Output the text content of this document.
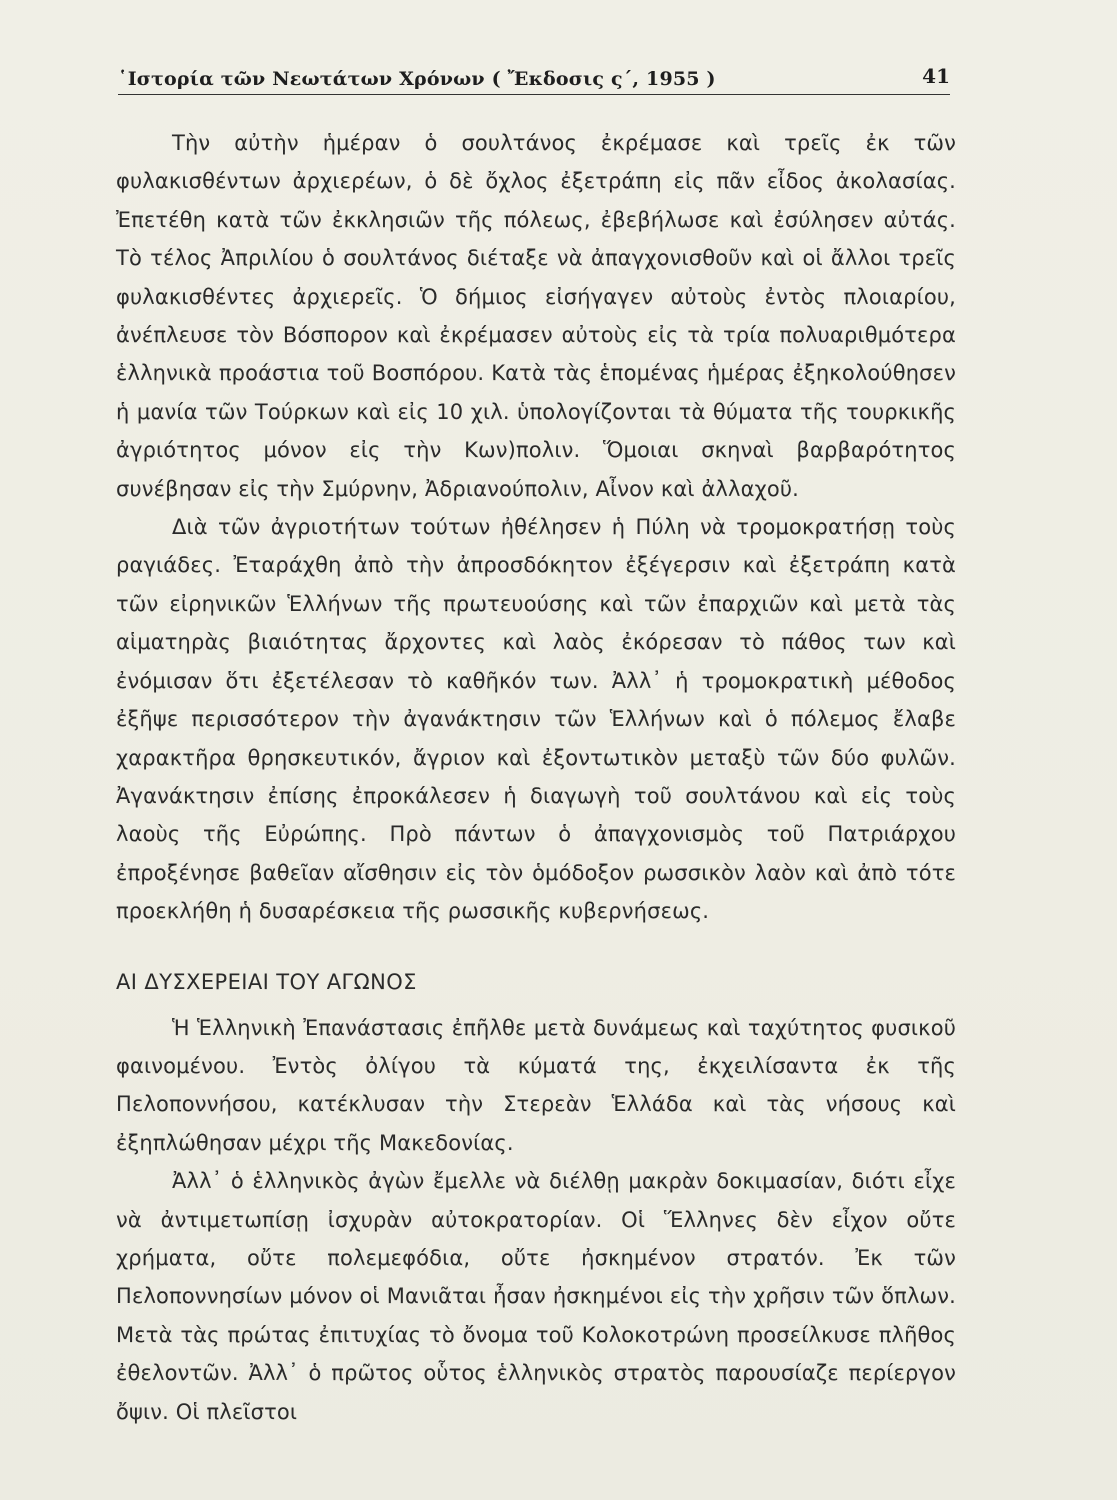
῾Ιστορία τῶν Νεωτάτων Χρόνων ( Ἔκδοσις ς΄, 1955 )	41

Τὴν αὐτὴν ἡμέραν ὁ σουλτάνος ἐκρέμασε καὶ τρεῖς ἐκ τῶν φυλακισθέντων ἀρχιερέων, ὁ δὲ ὄχλος ἐξετράπη εἰς πᾶν εἶδος ἀκολασίας. Ἐπετέθη κατὰ τῶν ἐκκλησιῶν τῆς πόλεως, ἐβεβήλωσε καὶ ἐσύλησεν αὐτάς. Τὸ τέλος Ἀπριλίου ὁ σουλτάνος διέταξε νὰ ἀπαγχονισθοῦν καὶ οἱ ἄλλοι τρεῖς φυλακισθέντες ἀρχιερεῖς. Ὁ δήμιος εἰσήγαγεν αὐτοὺς ἐντὸς πλοιαρίου, ἀνέπλευσε τὸν Βόσπορον καὶ ἐκρέμασεν αὐτοὺς εἰς τὰ τρία πολυαριθμότερα ἑλληνικὰ προάστια τοῦ Βοσπόρου. Κατὰ τὰς ἑπομένας ἡμέρας ἐξηκολούθησεν ἡ μανία τῶν Τούρκων καὶ εἰς 10 χιλ. ὑπολογίζονται τὰ θύματα τῆς τουρκικῆς ἀγριότητος μόνον εἰς τὴν Κων)πολιν. Ὅμοιαι σκηναὶ βαρβαρότητος συνέβησαν εἰς τὴν Σμύρνην, Ἀδριανούπολιν, Αἶνον καὶ ἀλλαχοῦ.

Διὰ τῶν ἀγριοτήτων τούτων ἠθέλησεν ἡ Πύλη νὰ τρομοκρατήσῃ τοὺς ραγιάδες. Ἐταράχθη ἀπὸ τὴν ἀπροσδόκητον ἐξέγερσιν καὶ ἐξετράπη κατὰ τῶν εἰρηνικῶν Ἑλλήνων τῆς πρωτευούσης καὶ τῶν ἐπαρχιῶν καὶ μετὰ τὰς αἱματηρὰς βιαιότητας ἄρχοντες καὶ λαὸς ἐκόρεσαν τὸ πάθος των καὶ ἐνόμισαν ὅτι ἐξετέλεσαν τὸ καθῆκόν των. Ἀλλ᾽ ἡ τρομοκρατικὴ μέθοδος ἐξῆψε περισσότερον τὴν ἀγανάκτησιν τῶν Ἑλλήνων καὶ ὁ πόλεμος ἔλαβε χαρακτῆρα θρησκευτικόν, ἄγριον καὶ ἐξοντωτικὸν μεταξὺ τῶν δύο φυλῶν. Ἀγανάκτησιν ἐπίσης ἐπροκάλεσεν ἡ διαγωγὴ τοῦ σουλτάνου καὶ εἰς τοὺς λαοὺς τῆς Εὐρώπης. Πρὸ πάντων ὁ ἀπαγχονισμὸς τοῦ Πατριάρχου ἐπροξένησε βαθεῖαν αἴσθησιν εἰς τὸν ὁμόδοξον ρωσσικὸν λαὸν καὶ ἀπὸ τότε προεκλήθη ἡ δυσαρέσκεια τῆς ρωσσικῆς κυβερνήσεως.

ΑΙ ΔΥΣΧΕΡΕΙΑΙ ΤΟΥ ΑΓΩΝΟΣ

Ἡ Ἑλληνικὴ Ἐπανάστασις ἐπῆλθε μετὰ δυνάμεως καὶ ταχύτητος φυσικοῦ φαινομένου. Ἐντὸς ὀλίγου τὰ κύματά της, ἐκχειλίσαντα ἐκ τῆς Πελοποννήσου, κατέκλυσαν τὴν Στερεὰν Ἑλλάδα καὶ τὰς νήσους καὶ ἐξηπλώθησαν μέχρι τῆς Μακεδονίας.

Ἀλλ᾽ ὁ ἑλληνικὸς ἀγὼν ἔμελλε νὰ διέλθῃ μακρὰν δοκιμασίαν, διότι εἶχε νὰ ἀντιμετωπίσῃ ἰσχυρὰν αὐτοκρατορίαν. Οἱ Ἕλληνες δὲν εἶχον οὔτε χρήματα, οὔτε πολεμεφόδια, οὔτε ἠσκημένον στρατόν. Ἐκ τῶν Πελοποννησίων μόνον οἱ Μανιᾶται ἦσαν ἠσκημένοι εἰς τὴν χρῆσιν τῶν ὅπλων. Μετὰ τὰς πρώτας ἐπιτυχίας τὸ ὄνομα τοῦ Κολοκοτρώνη προσείλκυσε πλῆθος ἐθελοντῶν. Ἀλλ᾽ ὁ πρῶτος οὗτος ἑλληνικὸς στρατὸς παρουσίαζε περίεργον ὄψιν. Οἱ πλεῖστοι
